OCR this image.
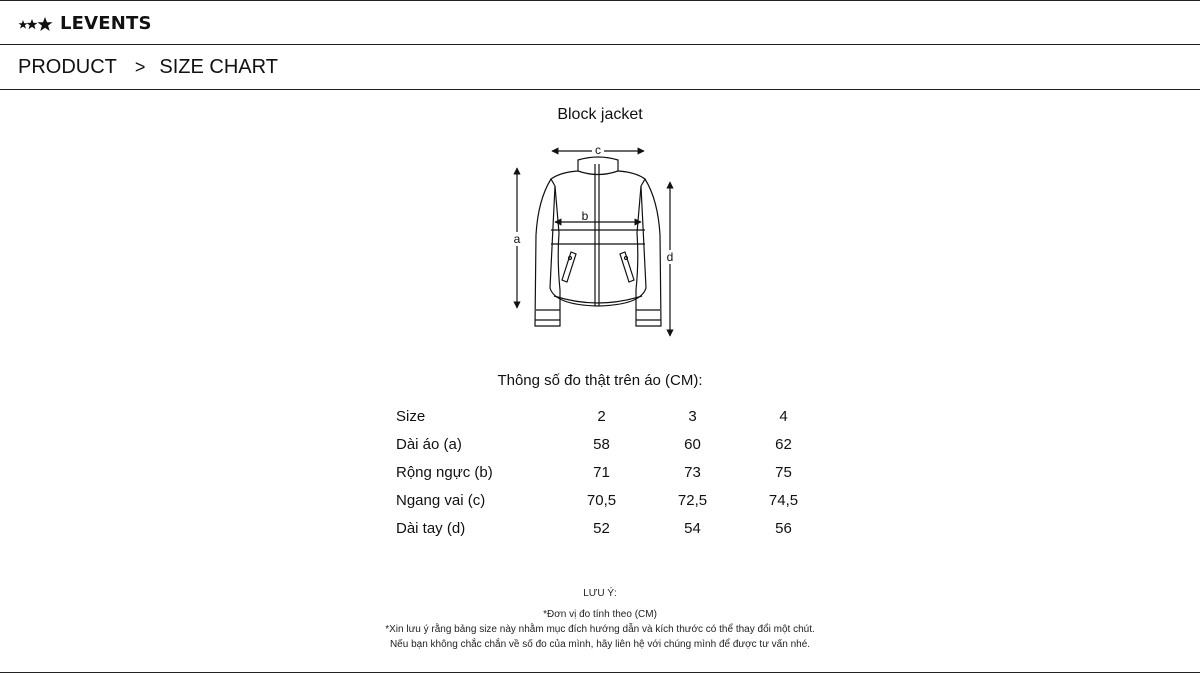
LEVENTS
PRODUCT > SIZE CHART
Block jacket
c
a
d
b
Thông số đo thật trên áo (CM):
Size	2	3	4
Dài áo (a)	58	60	62
Rộng ngực (b)	71	73	75
Ngang vai (c)	70,5	72,5	74,5
Dài tay (d)	52	54	56
LƯU Ý:
*Đơn vị đo tính theo (CM)
*Xin lưu ý rằng bảng size này nhằm mục đích hướng dẫn và kích thước có thể thay đổi một chút.
Nếu bạn không chắc chắn về số đo của mình, hãy liên hệ với chúng mình để được tư vấn nhé.
